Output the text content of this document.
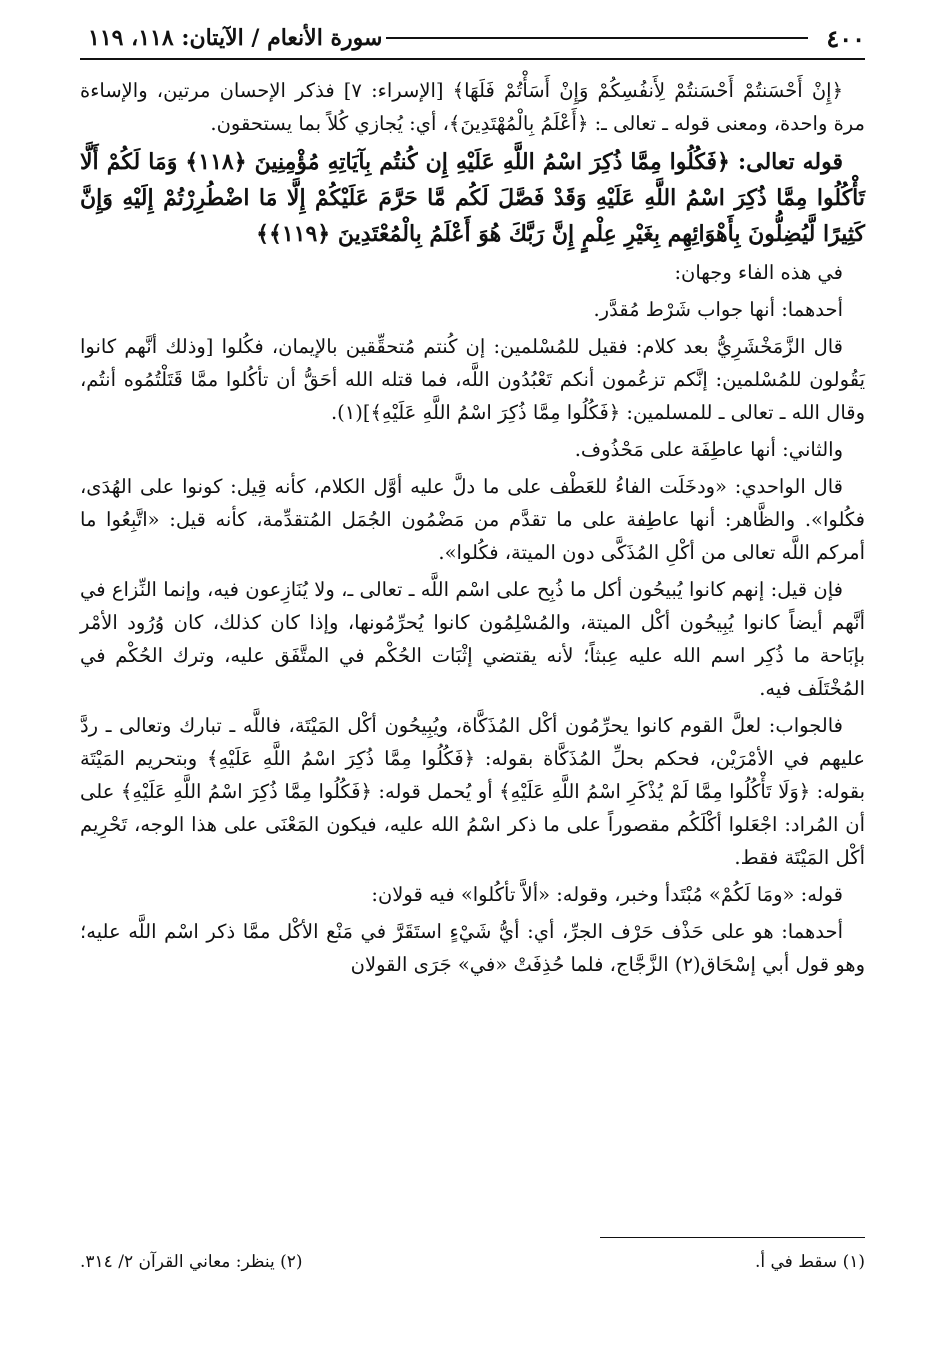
٤٠٠
سورة الأنعام / الآيتان: ١١٨، ١١٩

﴿إِنْ أَحْسَنتُمْ أَحْسَنتُمْ لِأَنفُسِكُمْ وَإِنْ أَسَأْتُمْ فَلَهَا﴾ [الإسراء: ٧] فذكر الإحسان مرتين، والإساءة مرة واحدة، ومعنى قوله ـ تعالى ـ: ﴿أَعْلَمُ بِالْمُهْتَدِينَ﴾، أي: يُجازي كُلاً بما يستحقون.

قوله تعالى: ﴿فَكُلُوا مِمَّا ذُكِرَ اسْمُ اللَّهِ عَلَيْهِ إِن كُنتُم بِآيَاتِهِ مُؤْمِنِينَ ﴿١١٨﴾ وَمَا لَكُمْ أَلَّا تَأْكُلُوا مِمَّا ذُكِرَ اسْمُ اللَّهِ عَلَيْهِ وَقَدْ فَصَّلَ لَكُم مَّا حَرَّمَ عَلَيْكُمْ إِلَّا مَا اضْطُرِرْتُمْ إِلَيْهِ وَإِنَّ كَثِيرًا لَّيُضِلُّونَ بِأَهْوَائِهِم بِغَيْرِ عِلْمٍ إِنَّ رَبَّكَ هُوَ أَعْلَمُ بِالْمُعْتَدِينَ ﴿١١٩﴾﴾

في هذه الفاء وجهان:

أحدهما: أنها جواب شَرْط مُقدَّر.

قال الزَّمَخْشَرِيُّ بعد كلام: فقيل للمُسْلمين: إن كُنتم مُتحقِّقين بالإيمان، فكُلوا [وذلك أنَّهم كانوا يَقُولون للمُسْلمين: إنَّكم تزعُمون أنكم تَعْبُدُون اللَّه، فما قتله الله أحَقُّ أن تأكُلوا ممَّا قَتَلْتُمُوه أنتُم، وقال الله ـ تعالى ـ للمسلمين: ﴿فَكُلُوا مِمَّا ذُكِرَ اسْمُ اللَّهِ عَلَيْهِ﴾](١).

والثاني: أنها عاطِفَة على مَحْذُوف.

قال الواحدي: «ودخَلَت الفاءُ للعَطْف على ما دلَّ عليه أوَّل الكلام، كأنه قِيل: كونوا على الهُدَى، فكُلوا». والظَّاهر: أنها عاطِفة على ما تقدَّم من مَضْمُون الجُمَل المُتقدِّمة، كأنه قيل: «اتَّبِعُوا ما أمركم اللَّه تعالى من أكْلِ المُذَكَّى دون الميتة، فكُلوا».

فإن قيل: إنهم كانوا يُبيحُون أكل ما ذُبِح على اسْم اللَّه ـ تعالى ـ، ولا يُنَازِعون فيه، وإنما النِّزاع في أنَّهم أيضاً كانوا يُبِيحُون أكْل الميتة، والمُسْلِمُون كانوا يُحرِّمُونها، وإذا كان كذلك، كان وُرُود الأمْر بإبَاحة ما ذُكِر اسم الله عليه عِبثاً؛ لأنه يقتضي إثْبَات الحُكْم في المتَّفَق عليه، وترك الحُكْم في المُخْتَلَف فيه.

فالجواب: لعلَّ القوم كانوا يحرِّمُون أكْل المُذَكَّاة، ويُبِيحُون أكْل المَيْتَة، فاللَّه ـ تبارك وتعالى ـ ردَّ عليهم في الأمْرَيْن، فحكم بحلِّ المُذَكَّاة بقوله: ﴿فَكُلُوا مِمَّا ذُكِرَ اسْمُ اللَّهِ عَلَيْهِ﴾ وبتحريم المَيْتَة بقوله: ﴿وَلَا تَأْكُلُوا مِمَّا لَمْ يُذْكَرِ اسْمُ اللَّهِ عَلَيْهِ﴾ أو يُحمل قوله: ﴿فَكُلُوا مِمَّا ذُكِرَ اسْمُ اللَّهِ عَلَيْهِ﴾ على أن المُراد: اجْعَلوا أكْلَكُم مقصوراً على ما ذكر اسْمُ الله عليه، فيكون المَعْنَى على هذا الوجه، تَحْرِيم أكْل المَيْتَة فقط.

قوله: «ومَا لَكُمْ» مُبْتَدأ وخبر، وقوله: «ألاَّ تأكُلوا» فيه قولان:

أحدهما: هو على حَذْف حَرْف الجرِّ، أي: أيُّ شَيْءٍ استَقَرَّ في مَنْع الأكْل ممَّا ذكر اسْم اللَّه عليه؛ وهو قول أبي إسْحَاق(٢) الزَّجَّاج، فلما حُذِفَتْ «في» جَرَى القولان

(١) سقط في أ.
(٢) ينظر: معاني القرآن ٢/ ٣١٤.
